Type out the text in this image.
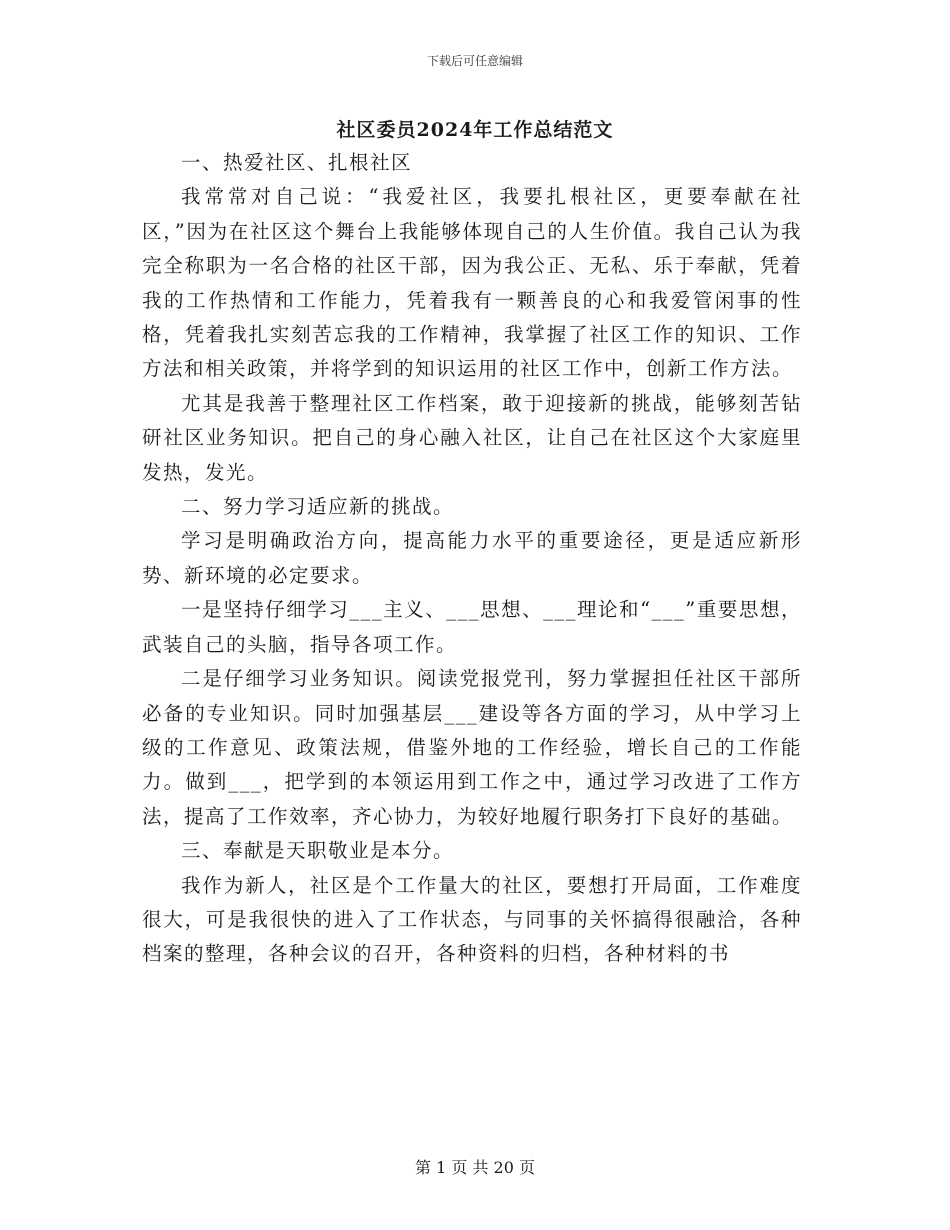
下载后可任意编辑
社区委员2024年工作总结范文

一、热爱社区、扎根社区

我常常对自己说：“我爱社区，我要扎根社区，更要奉献在社区，”因为在社区这个舞台上我能够体现自己的人生价值。我自己认为我完全称职为一名合格的社区干部，因为我公正、无私、乐于奉献，凭着我的工作热情和工作能力，凭着我有一颗善良的心和我爱管闲事的性格，凭着我扎实刻苦忘我的工作精神，我掌握了社区工作的知识、工作方法和相关政策，并将学到的知识运用的社区工作中，创新工作方法。

尤其是我善于整理社区工作档案，敢于迎接新的挑战，能够刻苦钻研社区业务知识。把自己的身心融入社区，让自己在社区这个大家庭里发热，发光。

二、努力学习适应新的挑战。

学习是明确政治方向，提高能力水平的重要途径，更是适应新形势、新环境的必定要求。

一是坚持仔细学习___主义、___思想、___理论和“___”重要思想，武装自己的头脑，指导各项工作。

二是仔细学习业务知识。阅读党报党刊，努力掌握担任社区干部所必备的专业知识。同时加强基层___建设等各方面的学习，从中学习上级的工作意见、政策法规，借鉴外地的工作经验，增长自己的工作能力。做到___，把学到的本领运用到工作之中，通过学习改进了工作方法，提高了工作效率，齐心协力，为较好地履行职务打下良好的基础。

三、奉献是天职敬业是本分。

我作为新人，社区是个工作量大的社区，要想打开局面，工作难度很大，可是我很快的进入了工作状态，与同事的关怀搞得很融洽，各种档案的整理，各种会议的召开，各种资料的归档，各种材料的书

第 1 页 共 20 页
